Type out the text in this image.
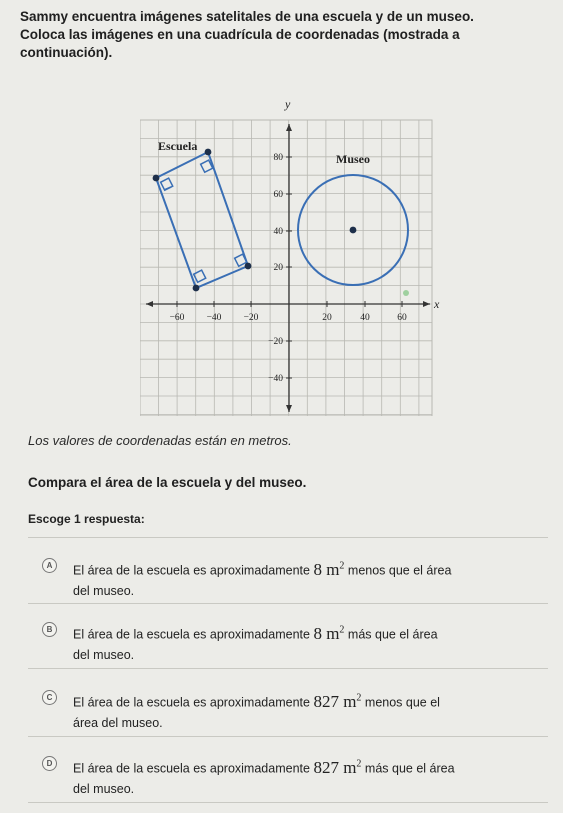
Sammy encuentra imágenes satelitales de una escuela y de un museo.

Coloca las imágenes en una cuadrícula de coordenadas (mostrada a

continuación).

x
y
−60 −40 −20	20	40	60
80
60
40
20
−20
−40
Escuela
Museo
Los valores de coordenadas están en metros.
Compara el área de la escuela y del museo.
Escoge 1 respuesta:
A	El área de la escuela es aproximadamente 8 $m^2$ menos que el área
del museo.
B	El área de la escuela es aproximadamente 8 $m^2$ más que el área
del museo.
C	El área de la escuela es aproximadamente 827 $m^2$ menos que el
área del museo.
D	El área de la escuela es aproximadamente 827 $m^2$ más que el área
del museo.
